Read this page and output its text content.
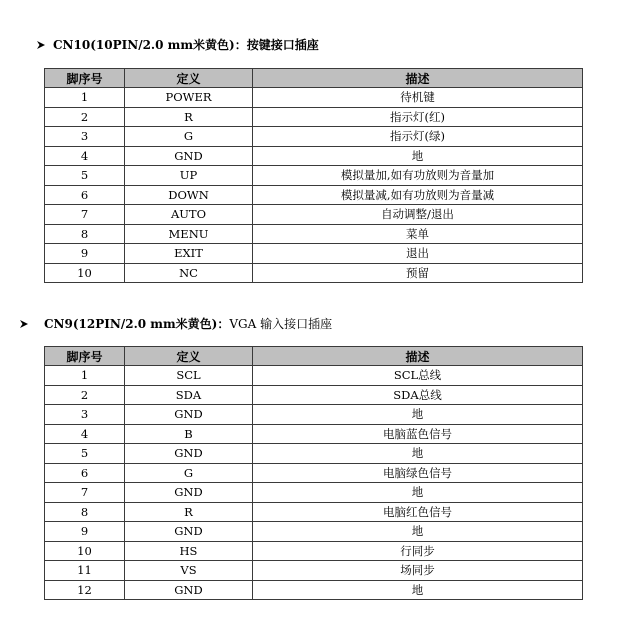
CN10(10PIN/2.0 mm米黄色)：按键接口插座
脚序号	定义	描述
1	POWER	待机键
2	R	指示灯(红)
3	G	指示灯(绿)
4	GND	地
5	UP	模拟量加,如有功放则为音量加
6	DOWN	模拟量减,如有功放则为音量减
7	AUTO	自动调整/退出
8	MENU	菜单
9	EXIT	退出
10	NC	预留
CN9(12PIN/2.0 mm米黄色)：VGA 输入接口插座
脚序号	定义	描述
1	SCL	SCL总线
2	SDA	SDA总线
3	GND	地
4	B	电脑蓝色信号
5	GND	地
6	G	电脑绿色信号
7	GND	地
8	R	电脑红色信号
9	GND	地
10	HS	行同步
11	VS	场同步
12	GND	地
